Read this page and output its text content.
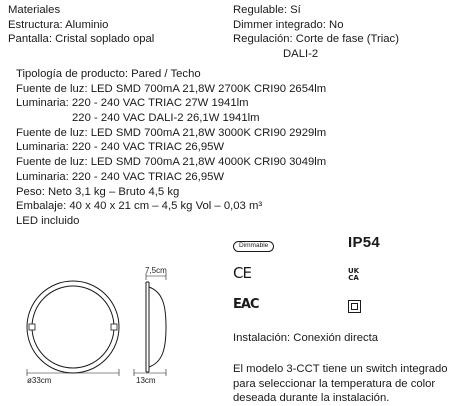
Materiales
Estructura: Aluminio
Pantalla: Cristal soplado opal
Regulable: Sí
Dimmer integrado: No
Regulación: Corte de fase (Triac)
DALI-2
Tipología de producto: Pared / Techo
Fuente de luz: LED SMD 700mA 21,8W 2700K CRI90 2654lm
Luminaria: 220 - 240 VAC TRIAC 27W 1941lm
220 - 240 VAC DALI-2 26,1W 1941lm
Fuente de luz: LED SMD 700mA 21,8W 3000K CRI90 2929lm
Luminaria: 220 - 240 VAC TRIAC 26,95W
Fuente de luz: LED SMD 700mA 21,8W 4000K CRI90 3049lm
Luminaria: 220 - 240 VAC TRIAC 26,95W
Peso: Neto 3,1 kg – Bruto 4,5 kg
Embalaje: 40 x 40 x 21 cm – 4,5 kg Vol – 0,03 m³
LED incluido
ø33cm	13cm
7,5cm
Dimmable	IP54
CE	UK
CA
EAC
Instalación: Conexión directa
El modelo 3-CCT tiene un switch integrado para seleccionar la temperatura de color deseada durante la instalación.
